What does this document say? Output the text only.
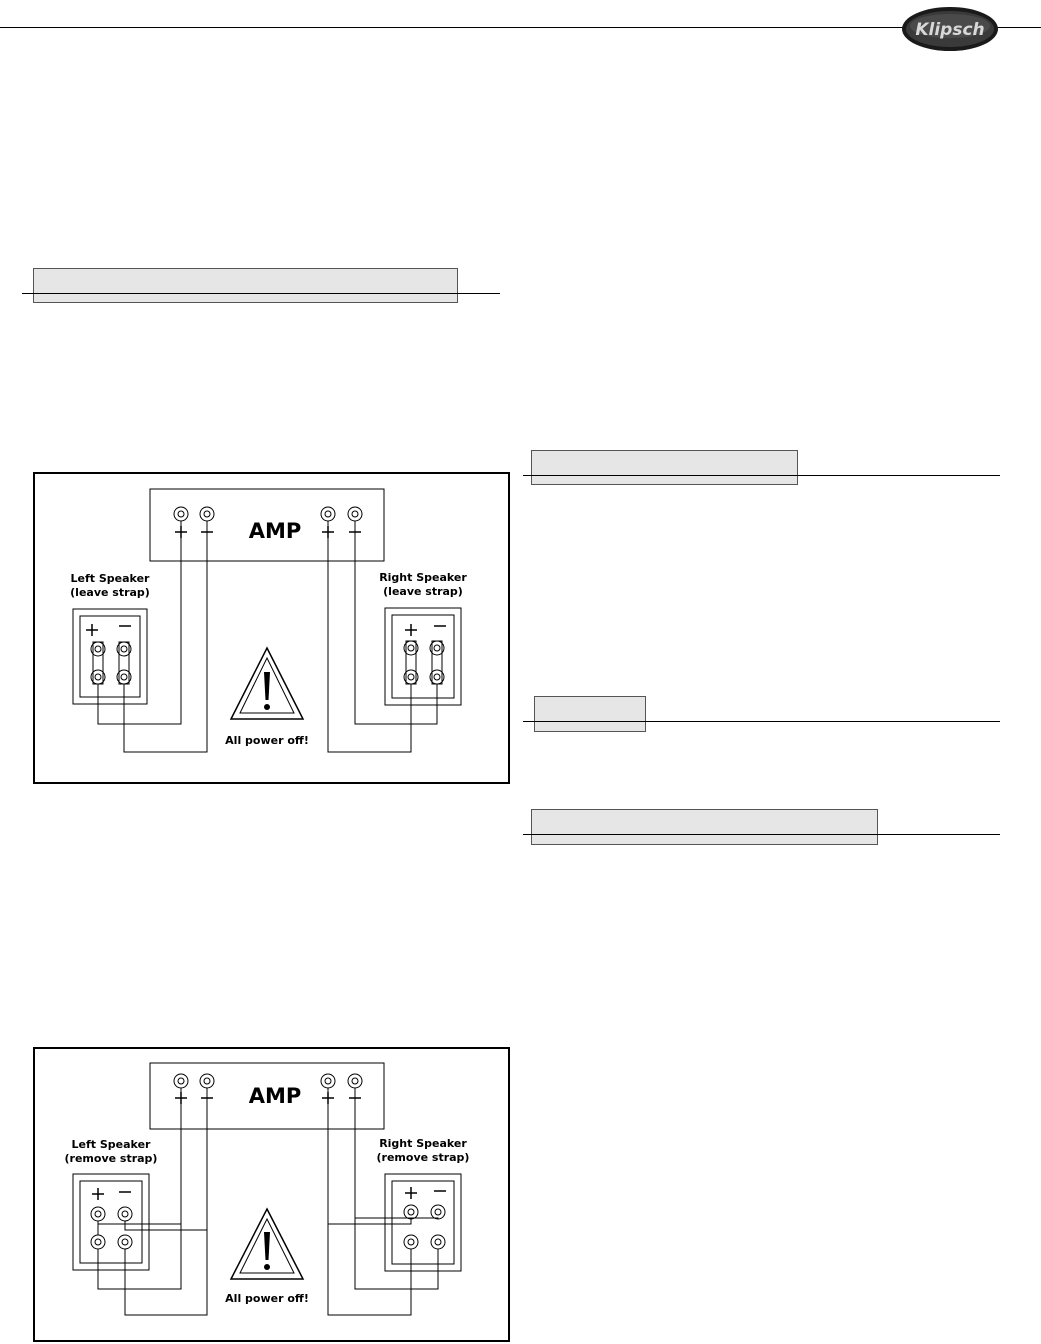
Klipsch
AMP
Left Speaker
(leave strap)
Right Speaker
(leave strap)
All power off!
AMP
Left Speaker
(remove strap)
Right Speaker
(remove strap)
All power off!
